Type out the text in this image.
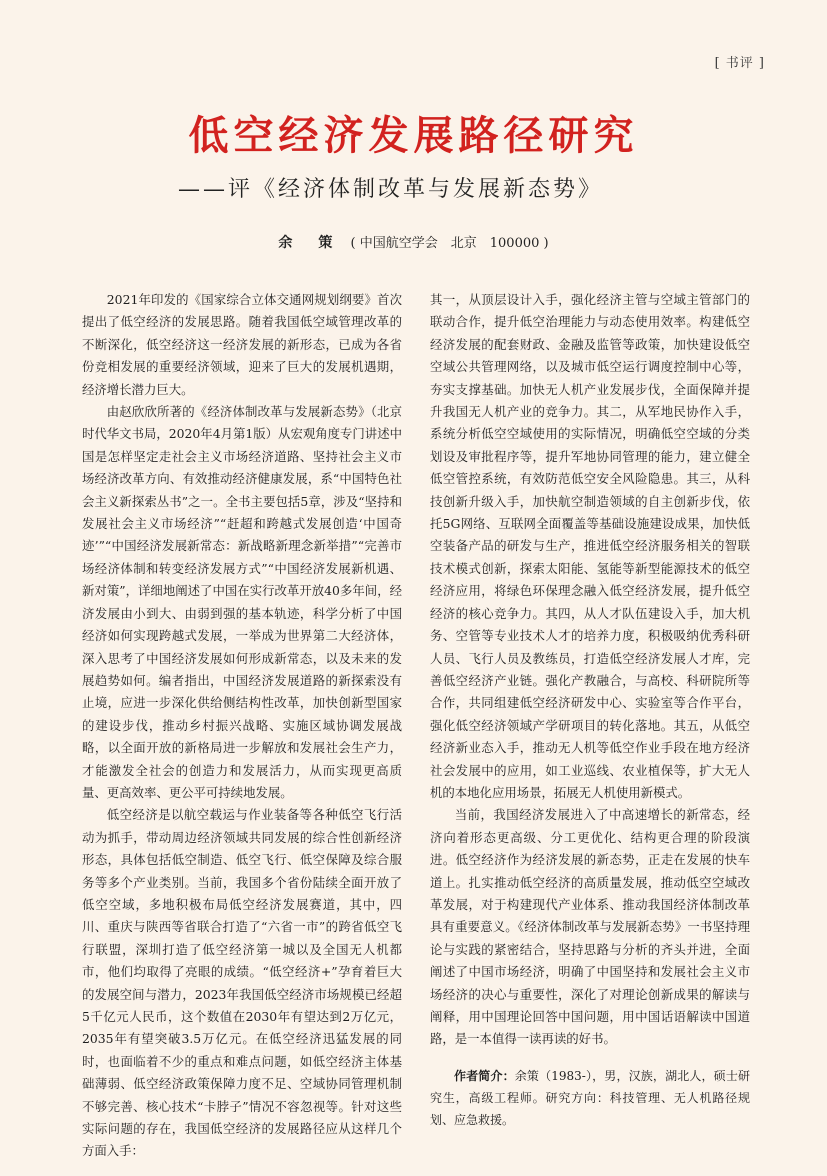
[ 书评 ]
低空经济发展路径研究
——评《经济体制改革与发展新态势》
余　策 ( 中国航空学会　北京　100000 )

2021年印发的《国家综合立体交通网规划纲要》首次提出了低空经济的发展思路。随着我国低空域管理改革的不断深化，低空经济这一经济发展的新形态，已成为各省份竞相发展的重要经济领域，迎来了巨大的发展机遇期，经济增长潜力巨大。

由赵欣欣所著的《经济体制改革与发展新态势》（北京时代华文书局，2020年4月第1版）从宏观角度专门讲述中国是怎样坚定走社会主义市场经济道路、坚持社会主义市场经济改革方向、有效推动经济健康发展，系“中国特色社会主义新探索丛书”之一。全书主要包括5章，涉及“坚持和发展社会主义市场经济”“赶超和跨越式发展创造‘中国奇迹’”“中国经济发展新常态：新战略新理念新举措”“完善市场经济体制和转变经济发展方式”“中国经济发展新机遇、新对策”，详细地阐述了中国在实行改革开放40多年间，经济发展由小到大、由弱到强的基本轨迹，科学分析了中国经济如何实现跨越式发展，一举成为世界第二大经济体，深入思考了中国经济发展如何形成新常态，以及未来的发展趋势如何。编者指出，中国经济发展道路的新探索没有止境，应进一步深化供给侧结构性改革，加快创新型国家的建设步伐，推动乡村振兴战略、实施区域协调发展战略，以全面开放的新格局进一步解放和发展社会生产力，才能激发全社会的创造力和发展活力，从而实现更高质量、更高效率、更公平可持续地发展。

低空经济是以航空载运与作业装备等各种低空飞行活动为抓手，带动周边经济领域共同发展的综合性创新经济形态，具体包括低空制造、低空飞行、低空保障及综合服务等多个产业类别。当前，我国多个省份陆续全面开放了低空空域，多地积极布局低空经济发展赛道，其中，四川、重庆与陕西等省联合打造了“六省一市”的跨省低空飞行联盟，深圳打造了低空经济第一城以及全国无人机都市，他们均取得了亮眼的成绩。“低空经济+”孕育着巨大的发展空间与潜力，2023年我国低空经济市场规模已经超5千亿元人民币，这个数值在2030年有望达到2万亿元，2035年有望突破3.5万亿元。在低空经济迅猛发展的同时，也面临着不少的重点和难点问题，如低空经济主体基础薄弱、低空经济政策保障力度不足、空域协同管理机制不够完善、核心技术“卡脖子”情况不容忽视等。针对这些实际问题的存在，我国低空经济的发展路径应从这样几个方面入手：

其一，从顶层设计入手，强化经济主管与空域主管部门的联动合作，提升低空治理能力与动态使用效率。构建低空经济发展的配套财政、金融及监管等政策，加快建设低空空域公共管理网络，以及城市低空运行调度控制中心等，夯实支撑基础。加快无人机产业发展步伐，全面保障并提升我国无人机产业的竞争力。其二，从军地民协作入手，系统分析低空空域使用的实际情况，明确低空空域的分类划设及审批程序等，提升军地协同管理的能力，建立健全低空管控系统，有效防范低空安全风险隐患。其三，从科技创新升级入手，加快航空制造领域的自主创新步伐，依托5G网络、互联网全面覆盖等基础设施建设成果，加快低空装备产品的研发与生产，推进低空经济服务相关的智联技术模式创新，探索太阳能、氢能等新型能源技术的低空经济应用，将绿色环保理念融入低空经济发展，提升低空经济的核心竞争力。其四，从人才队伍建设入手，加大机务、空管等专业技术人才的培养力度，积极吸纳优秀科研人员、飞行人员及教练员，打造低空经济发展人才库，完善低空经济产业链。强化产教融合，与高校、科研院所等合作，共同组建低空经济研发中心、实验室等合作平台，强化低空经济领域产学研项目的转化落地。其五，从低空经济新业态入手，推动无人机等低空作业手段在地方经济社会发展中的应用，如工业巡线、农业植保等，扩大无人机的本地化应用场景，拓展无人机使用新模式。

当前，我国经济发展进入了中高速增长的新常态，经济向着形态更高级、分工更优化、结构更合理的阶段演进。低空经济作为经济发展的新态势，正走在发展的快车道上。扎实推动低空经济的高质量发展，推动低空空域改革发展，对于构建现代产业体系、推动我国经济体制改革具有重要意义。《经济体制改革与发展新态势》一书坚持理论与实践的紧密结合，坚持思路与分析的齐头并进，全面阐述了中国市场经济，明确了中国坚持和发展社会主义市场经济的决心与重要性，深化了对理论创新成果的解读与阐释，用中国理论回答中国问题，用中国话语解读中国道路，是一本值得一读再读的好书。

作者简介：余策（1983-），男，汉族，湖北人，硕士研究生，高级工程师。研究方向：科技管理、无人机路径规划、应急救援。
